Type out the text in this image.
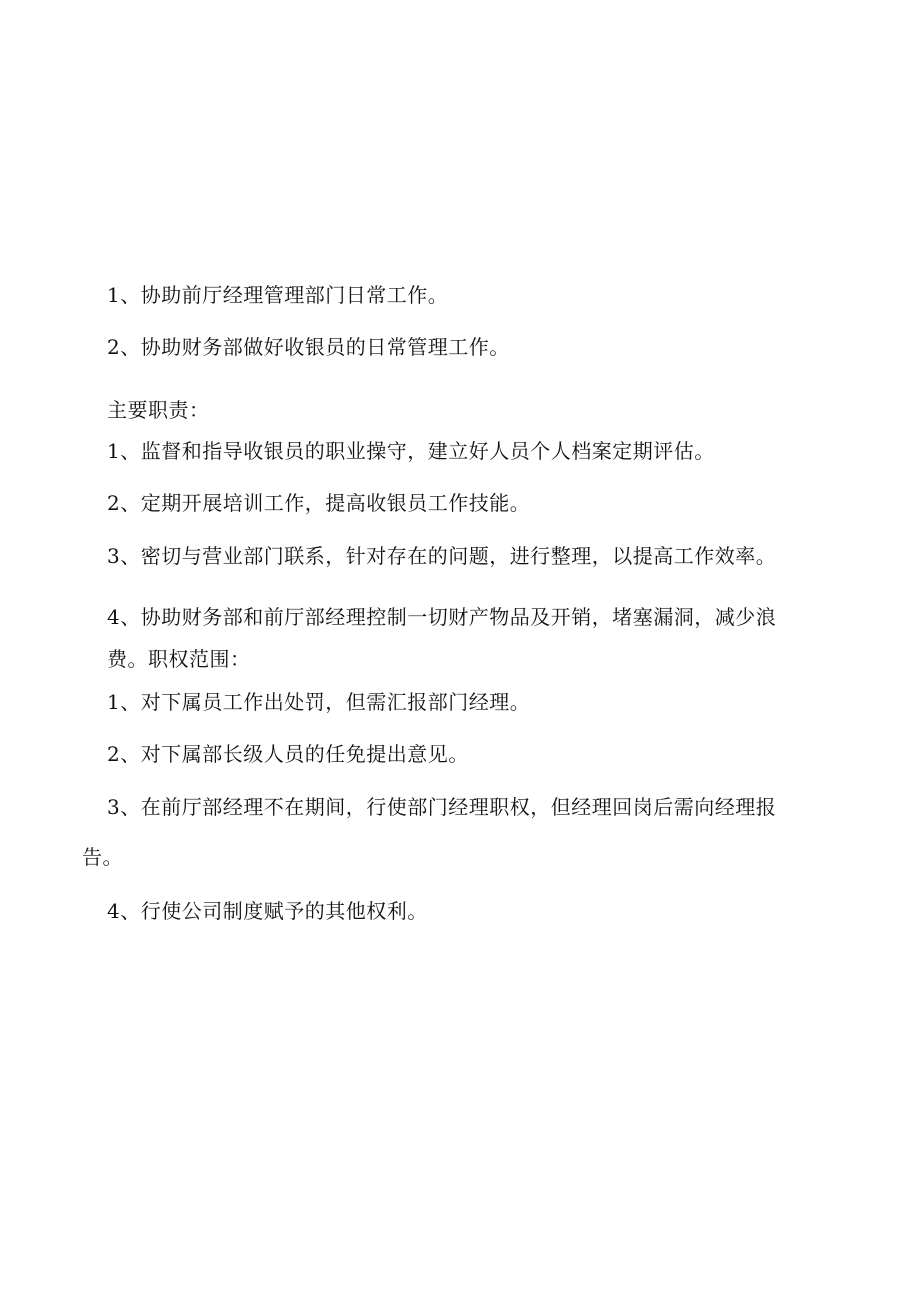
1、协助前厅经理管理部门日常工作。
2、协助财务部做好收银员的日常管理工作。
主要职责：
1、监督和指导收银员的职业操守，建立好人员个人档案定期评估。
2、定期开展培训工作，提高收银员工作技能。
3、密切与营业部门联系，针对存在的问题，进行整理，以提高工作效率。
4、协助财务部和前厅部经理控制一切财产物品及开销，堵塞漏洞，减少浪
费。职权范围：
1、对下属员工作出处罚，但需汇报部门经理。
2、对下属部长级人员的任免提出意见。
3、在前厅部经理不在期间，行使部门经理职权，但经理回岗后需向经理报
告。
4、行使公司制度赋予的其他权利。
